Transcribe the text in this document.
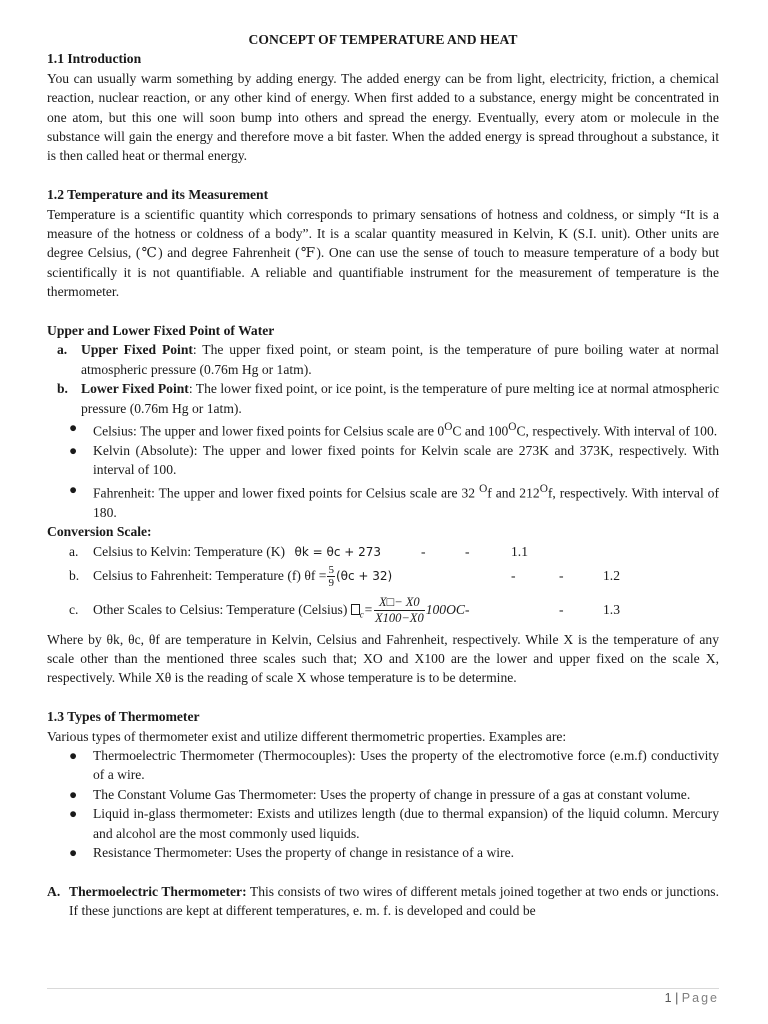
CONCEPT OF TEMPERATURE AND HEAT
1.1 Introduction
You can usually warm something by adding energy. The added energy can be from light, electricity, friction, a chemical reaction, nuclear reaction, or any other kind of energy. When first added to a substance, energy might be concentrated in one atom, but this one will soon bump into others and spread the energy. Eventually, every atom or molecule in the substance will gain the energy and therefore move a bit faster. When the added energy is spread throughout a substance, it is then called heat or thermal energy.
1.2 Temperature and its Measurement
Temperature is a scientific quantity which corresponds to primary sensations of hotness and coldness, or simply “It is a measure of the hotness or coldness of a body”. It is a scalar quantity measured in Kelvin, K (S.I. unit). Other units are degree Celsius, (℃) and degree Fahrenheit (℉). One can use the sense of touch to measure temperature of a body but scientifically it is not quantifiable. A reliable and quantifiable instrument for the measurement of temperature is the thermometer.
Upper and Lower Fixed Point of Water
a. Upper Fixed Point: The upper fixed point, or steam point, is the temperature of pure boiling water at normal atmospheric pressure (0.76m Hg or 1atm).
b. Lower Fixed Point: The lower fixed point, or ice point, is the temperature of pure melting ice at normal atmospheric pressure (0.76m Hg or 1atm).
● Celsius: The upper and lower fixed points for Celsius scale are $0^OC$ and $100^OC$, respectively. With interval of 100.
● Kelvin (Absolute): The upper and lower fixed points for Kelvin scale are 273K and 373K, respectively. With interval of 100.
● Fahrenheit: The upper and lower fixed points for Celsius scale are 32 $^O$f and $212^Of$, respectively. With interval of 180.
Conversion Scale:
a. Celsius to Kelvin: Temperature (K) θk = θc + 273	-	-	1.1
b. Celsius to Fahrenheit: Temperature (f) $\theta f = \frac{5}{9} (\theta c + 32)$	-	-	1.2
c. Other Scales to Celsius: Temperature (Celsius) $_c= \frac{X□- X0}{X100-X0} 100OC-$	-	1.3
Where by θk, θc, θf are temperature in Kelvin, Celsius and Fahrenheit, respectively. While X is the temperature of any scale other than the mentioned three scales such that; XO and X100 are the lower and upper fixed on the scale X, respectively. While Xθ is the reading of scale X whose temperature is to be determine.
1.3 Types of Thermometer
Various types of thermometer exist and utilize different thermometric properties. Examples are:
● Thermoelectric Thermometer (Thermocouples): Uses the property of the electromotive force (e.m.f) conductivity of a wire.
● The Constant Volume Gas Thermometer: Uses the property of change in pressure of a gas at constant volume.
● Liquid in-glass thermometer: Exists and utilizes length (due to thermal expansion) of the liquid column. Mercury and alcohol are the most commonly used liquids.
● Resistance Thermometer: Uses the property of change in resistance of a wire.
A. Thermoelectric Thermometer: This consists of two wires of different metals joined together at two ends or junctions. If these junctions are kept at different temperatures, e. m. f. is developed and could be
1 | Page
